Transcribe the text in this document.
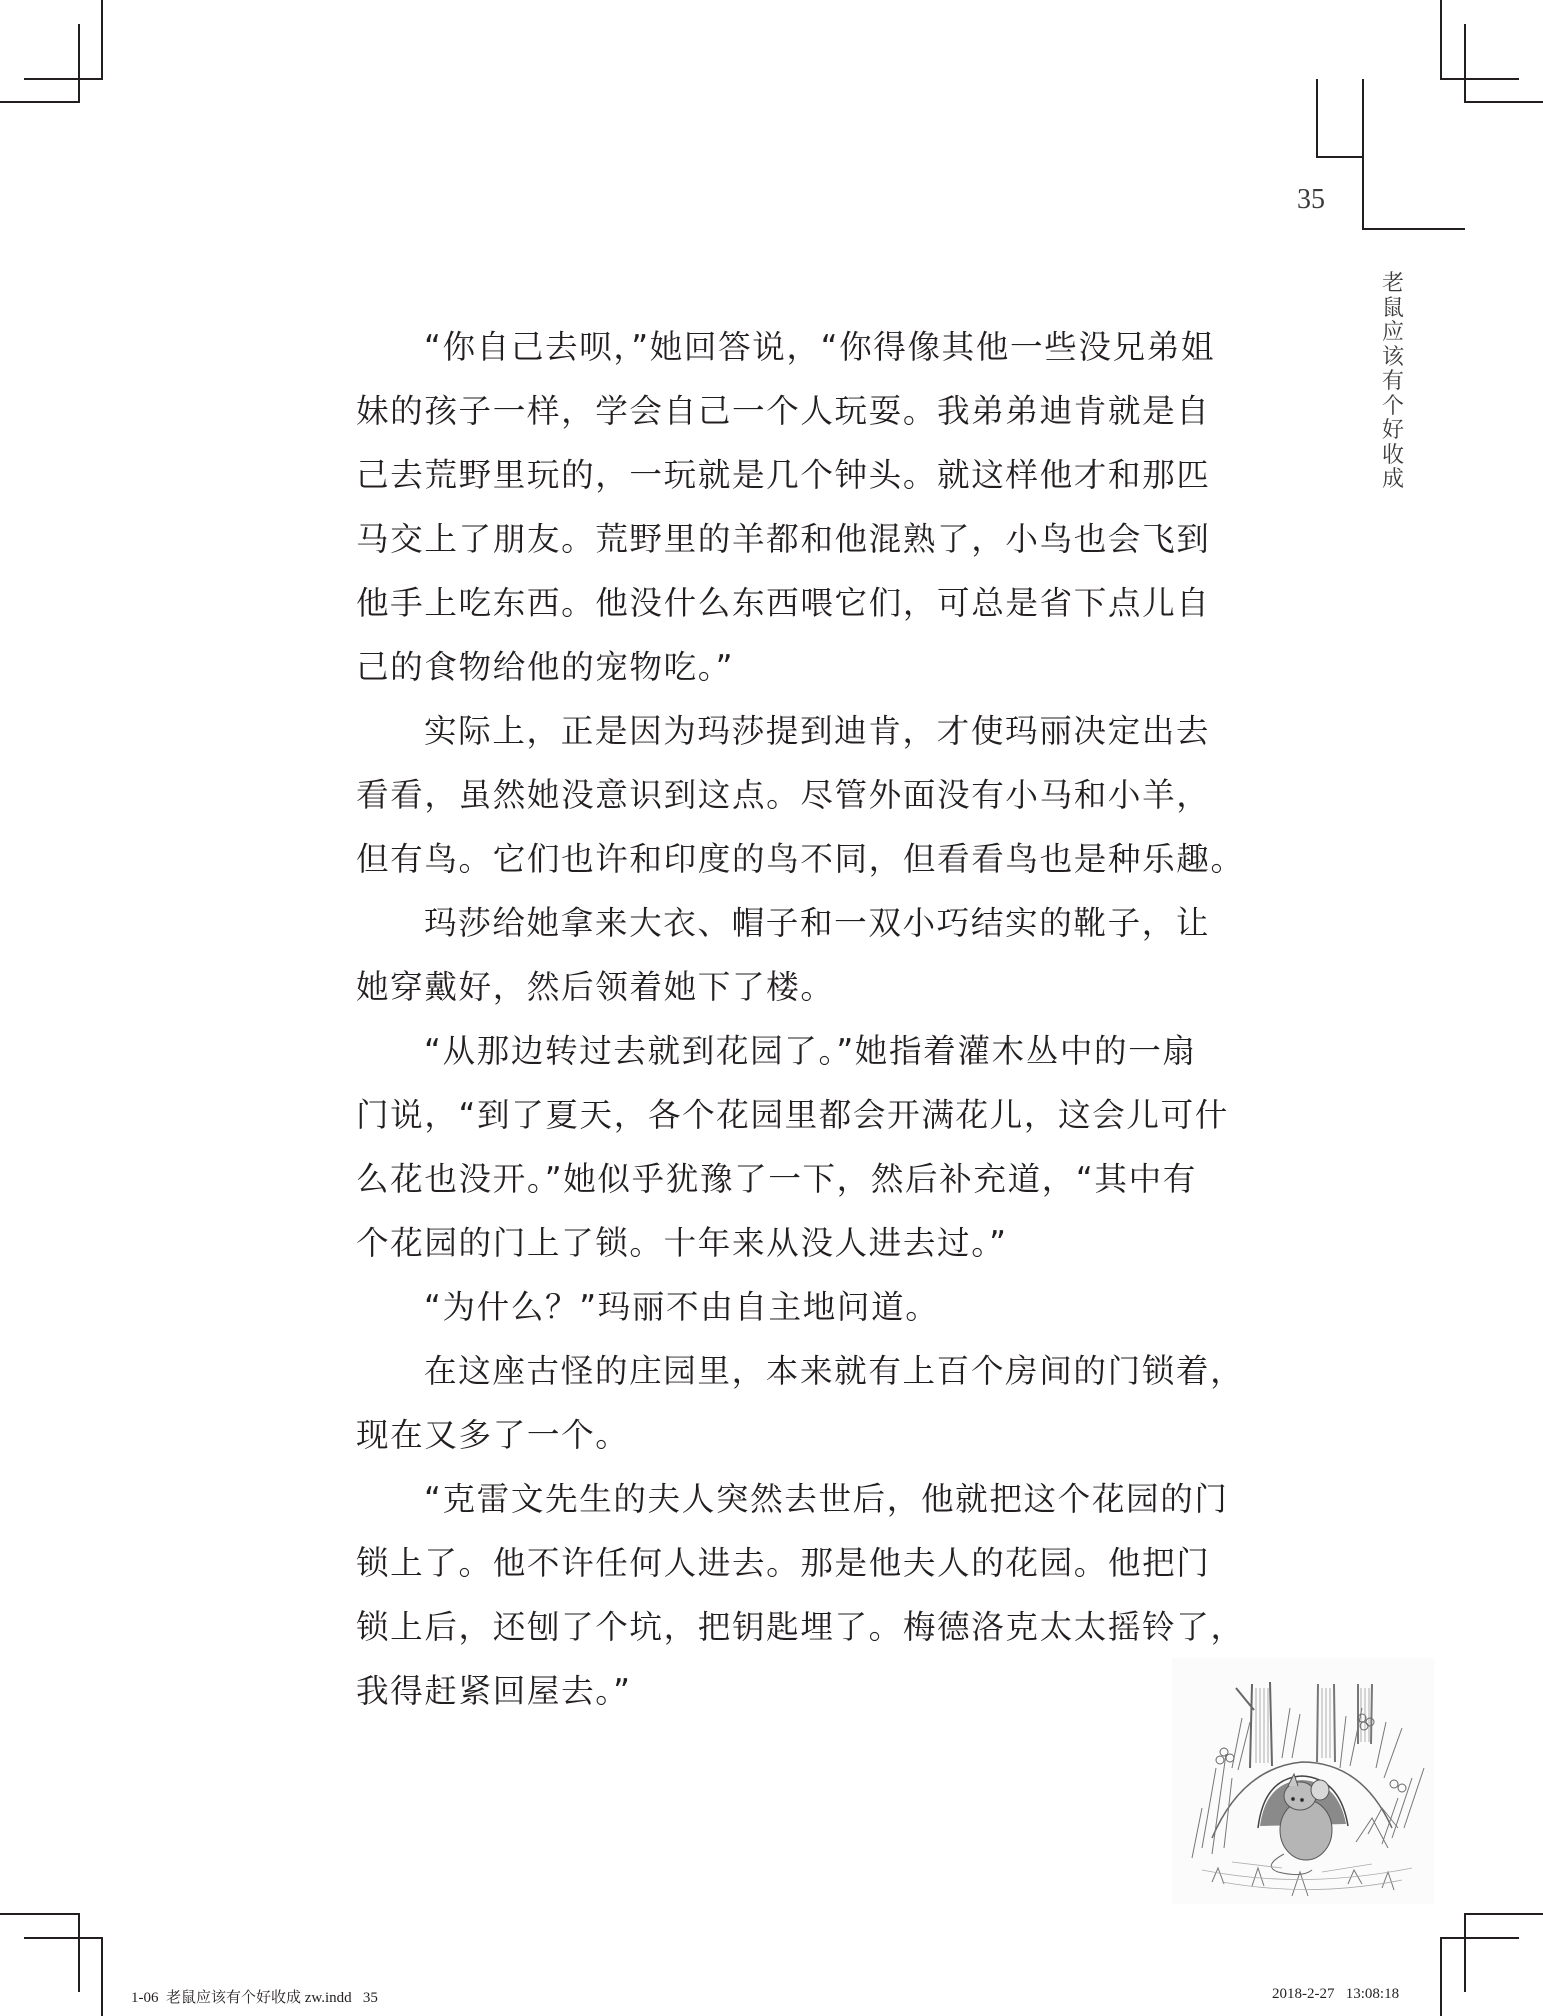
35
老鼠应该有个好收成
“你自己去呗，”她回答说，“你得像其他一些没兄弟姐
妹的孩子一样，学会自己一个人玩耍。我弟弟迪肯就是自
己去荒野里玩的，一玩就是几个钟头。就这样他才和那匹
马交上了朋友。荒野里的羊都和他混熟了，小鸟也会飞到
他手上吃东西。他没什么东西喂它们，可总是省下点儿自
己的食物给他的宠物吃。”
实际上，正是因为玛莎提到迪肯，才使玛丽决定出去
看看，虽然她没意识到这点。尽管外面没有小马和小羊，
但有鸟。它们也许和印度的鸟不同，但看看鸟也是种乐趣。
玛莎给她拿来大衣、帽子和一双小巧结实的靴子，让
她穿戴好，然后领着她下了楼。
“从那边转过去就到花园了。”她指着灌木丛中的一扇
门说，“到了夏天，各个花园里都会开满花儿，这会儿可什
么花也没开。”她似乎犹豫了一下，然后补充道，“其中有
个花园的门上了锁。十年来从没人进去过。”
“为什么？”玛丽不由自主地问道。
在这座古怪的庄园里，本来就有上百个房间的门锁着，
现在又多了一个。
“克雷文先生的夫人突然去世后，他就把这个花园的门
锁上了。他不许任何人进去。那是他夫人的花园。他把门
锁上后，还刨了个坑，把钥匙埋了。梅德洛克太太摇铃了，
我得赶紧回屋去。”
1-06  老鼠应该有个好收成 zw.indd   35	2018-2-27   13:08:18
